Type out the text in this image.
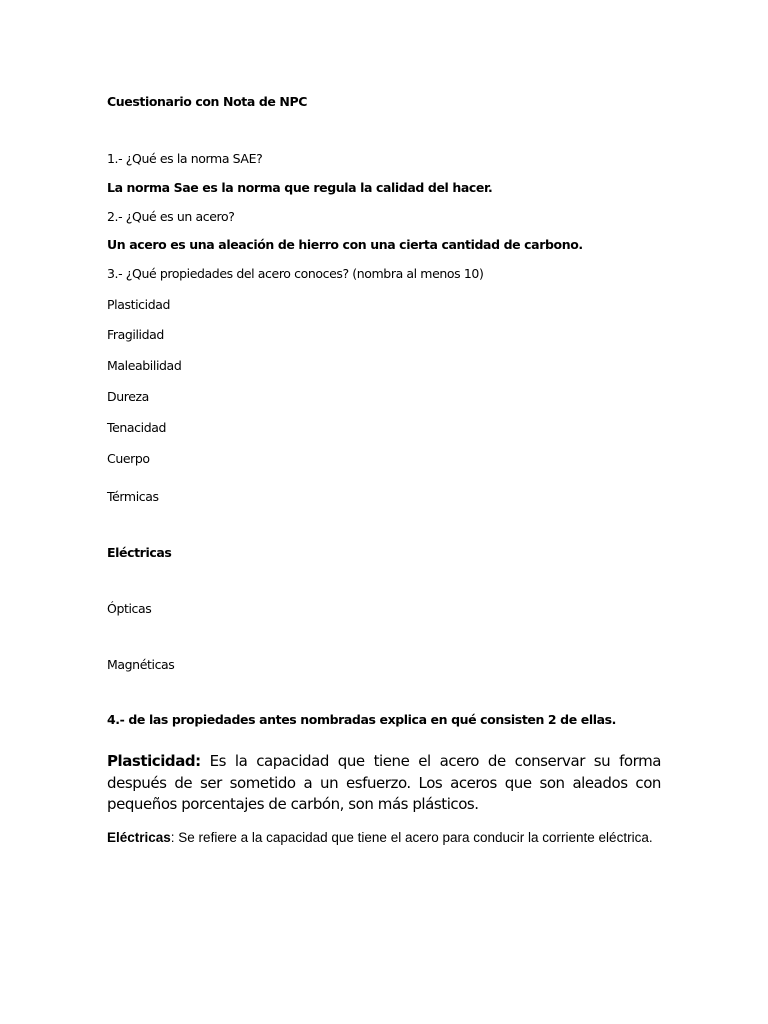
Cuestionario con Nota de NPC
1.- ¿Qué es la norma SAE?
La norma Sae es la norma que regula la calidad del hacer.
2.- ¿Qué es un acero?
Un acero es una aleación de hierro con una cierta cantidad de carbono.
3.- ¿Qué propiedades del acero conoces? (nombra al menos 10)
Plasticidad
Fragilidad
Maleabilidad
Dureza
Tenacidad
Cuerpo
Térmicas
Eléctricas
Ópticas
Magnéticas
4.- de las propiedades antes nombradas explica en qué consisten 2 de ellas.
Plasticidad: Es la capacidad que tiene el acero de conservar su forma después de ser sometido a un esfuerzo. Los aceros que son aleados con pequeños porcentajes de carbón, son más plásticos.
Eléctricas: Se refiere a la capacidad que tiene el acero para conducir la corriente eléctrica.
